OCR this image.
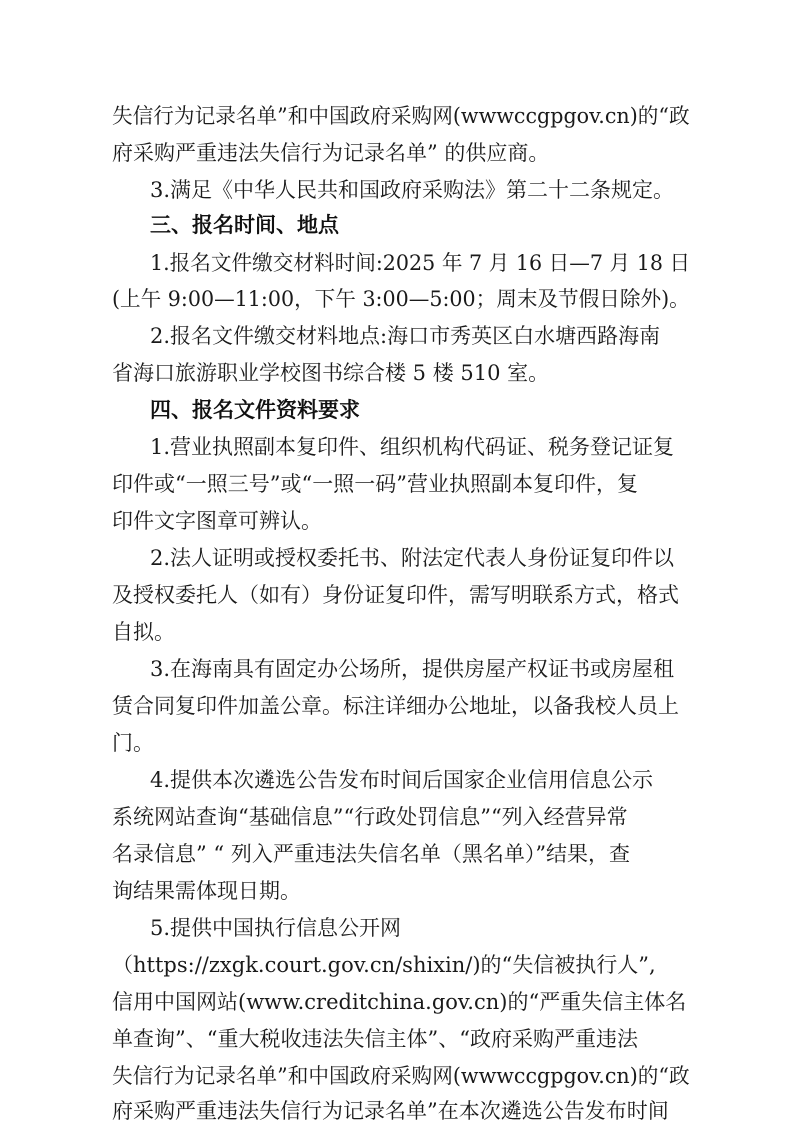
失信行为记录名单”和中国政府采购网(wwwccgpgov.cn)的“政
府采购严重违法失信行为记录名单” 的供应商。
3.满足《中华人民共和国政府采购法》第二十二条规定。
三、报名时间、地点
1.报名文件缴交材料时间:2025 年 7 月 16 日—7 月 18 日
(上午 9:00—11:00，下午 3:00—5:00；周末及节假日除外)。
2.报名文件缴交材料地点:海口市秀英区白水塘西路海南
省海口旅游职业学校图书综合楼 5 楼 510 室。
四、报名文件资料要求
1.营业执照副本复印件、组织机构代码证、税务登记证复
印件或“一照三号”或“一照一码”营业执照副本复印件，复
印件文字图章可辨认。
2.法人证明或授权委托书、附法定代表人身份证复印件以
及授权委托人（如有）身份证复印件，需写明联系方式，格式
自拟。
3.在海南具有固定办公场所，提供房屋产权证书或房屋租
赁合同复印件加盖公章。标注详细办公地址，以备我校人员上
门。
4.提供本次遴选公告发布时间后国家企业信用信息公示
系统网站查询“基础信息”“行政处罚信息”“列入经营异常
名录信息” “ 列入严重违法失信名单（黑名单）”结果，查
询结果需体现日期。
5.提供中国执行信息公开网
（https://zxgk.court.gov.cn/shixin/)的“失信被执行人”,
信用中国网站(www.creditchina.gov.cn)的“严重失信主体名
单查询”、“重大税收违法失信主体”、“政府采购严重违法
失信行为记录名单”和中国政府采购网(wwwccgpgov.cn)的“政
府采购严重违法失信行为记录名单”在本次遴选公告发布时间
